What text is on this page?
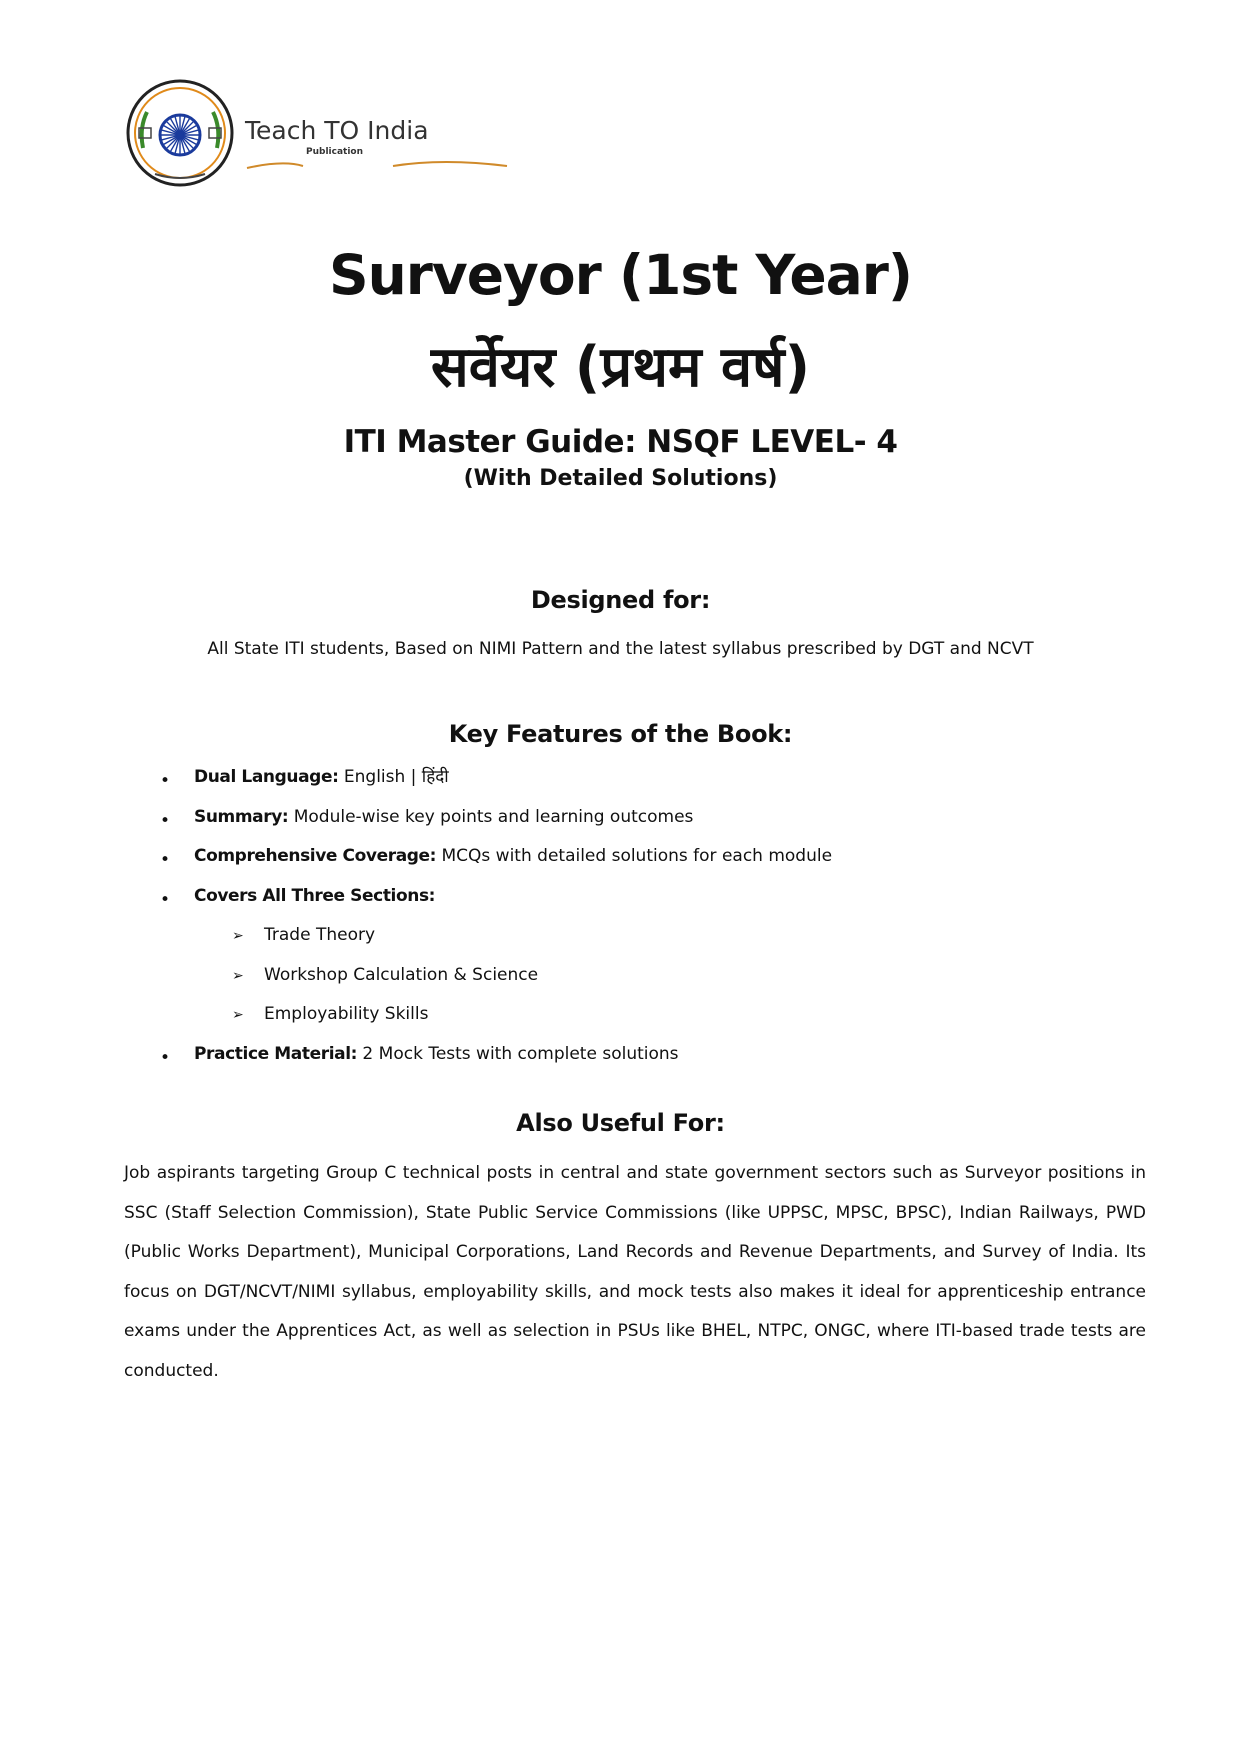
Teach TO India
Publication
Surveyor (1st Year)
सर्वेयर (प्रथम वर्ष)
ITI Master Guide: NSQF LEVEL- 4
(With Detailed Solutions)
Designed for:
All State ITI students, Based on NIMI Pattern and the latest syllabus prescribed by DGT and NCVT
Key Features of the Book:
• Dual Language: English | हिंदी
• Summary: Module-wise key points and learning outcomes
• Comprehensive Coverage: MCQs with detailed solutions for each module
• Covers All Three Sections:
➢ Trade Theory
➢ Workshop Calculation & Science
➢ Employability Skills
• Practice Material: 2 Mock Tests with complete solutions
Also Useful For:

Job aspirants targeting Group C technical posts in central and state government sectors such as Surveyor positions in SSC (Staff Selection Commission), State Public Service Commissions (like UPPSC, MPSC, BPSC), Indian Railways, PWD (Public Works Department), Municipal Corporations, Land Records and Revenue Departments, and Survey of India. Its focus on DGT/NCVT/NIMI syllabus, employability skills, and mock tests also makes it ideal for apprenticeship entrance exams under the Apprentices Act, as well as selection in PSUs like BHEL, NTPC, ONGC, where ITI-based trade tests are conducted.
